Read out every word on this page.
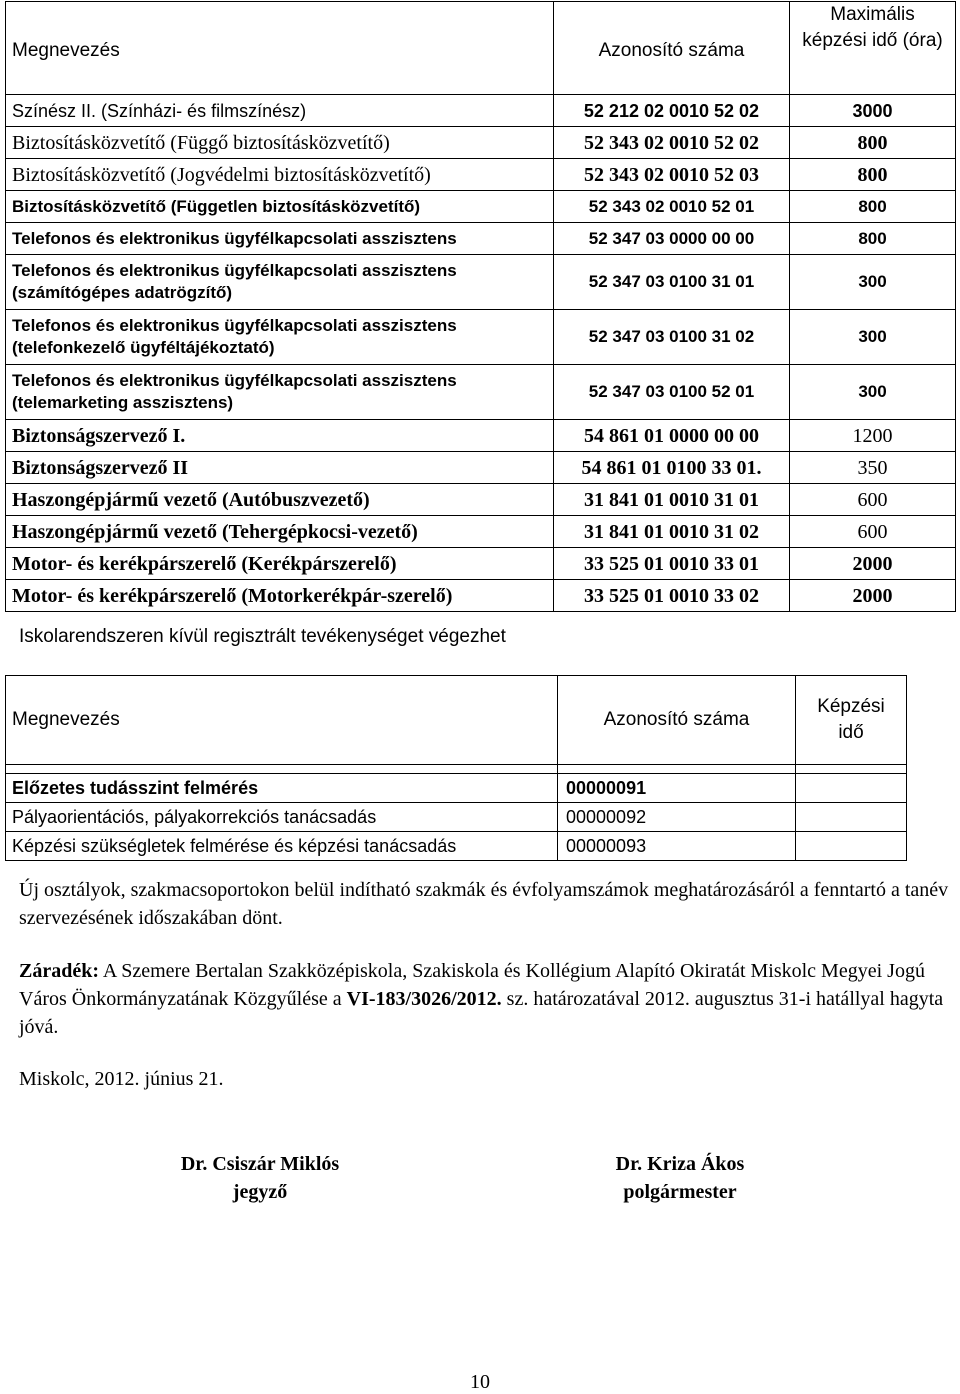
Megnevezés	Azonosító száma	Maximális képzési idő (óra)
Színész II. (Színházi- és filmszínész)	52 212 02 0010 52 02	3000
Biztosításközvetítő (Függő biztosításközvetítő)	52 343 02 0010 52 02	800
Biztosításközvetítő (Jogvédelmi biztosításközvetítő)	52 343 02 0010 52 03	800
Biztosításközvetítő (Független biztosításközvetítő)	52 343 02 0010 52 01	800
Telefonos és elektronikus ügyfélkapcsolati asszisztens	52 347 03 0000 00 00	800
Telefonos és elektronikus ügyfélkapcsolati asszisztens (számítógépes adatrögzítő)	52 347 03 0100 31 01	300
Telefonos és elektronikus ügyfélkapcsolati asszisztens (telefonkezelő ügyféltájékoztató)	52 347 03 0100 31 02	300
Telefonos és elektronikus ügyfélkapcsolati asszisztens (telemarketing asszisztens)	52 347 03 0100 52 01	300
Biztonságszervező I.	54 861 01 0000 00 00	1200
Biztonságszervező II	54 861 01 0100 33 01.	350
Haszongépjármű vezető (Autóbuszvezető)	31 841 01 0010 31 01	600
Haszongépjármű vezető (Tehergépkocsi-vezető)	31 841 01 0010 31 02	600
Motor- és kerékpárszerelő (Kerékpárszerelő)	33 525 01 0010 33 01	2000
Motor- és kerékpárszerelő (Motorkerékpár-szerelő)	33 525 01 0010 33 02	2000
Iskolarendszeren kívül regisztrált tevékenységet végezhet
Megnevezés	Azonosító száma	Képzési idő

Előzetes tudásszint felmérés	00000091	
Pályaorientációs, pályakorrekciós tanácsadás	00000092	
Képzési szükségletek felmérése és képzési tanácsadás	00000093	
Új osztályok, szakmacsoportokon belül indítható szakmák és évfolyamszámok meghatározásáról a fenntartó a tanév szervezésének időszakában dönt.
Záradék: A Szemere Bertalan Szakközépiskola, Szakiskola és Kollégium Alapító Okiratát Miskolc Megyei Jogú Város Önkormányzatának Közgyűlése a VI-183/3026/2012. sz. határozatával 2012. augusztus 31-i hatállyal hagyta jóvá.
Miskolc, 2012. június 21.
Dr. Csiszár Miklós
jegyző
Dr. Kriza Ákos
polgármester
10
